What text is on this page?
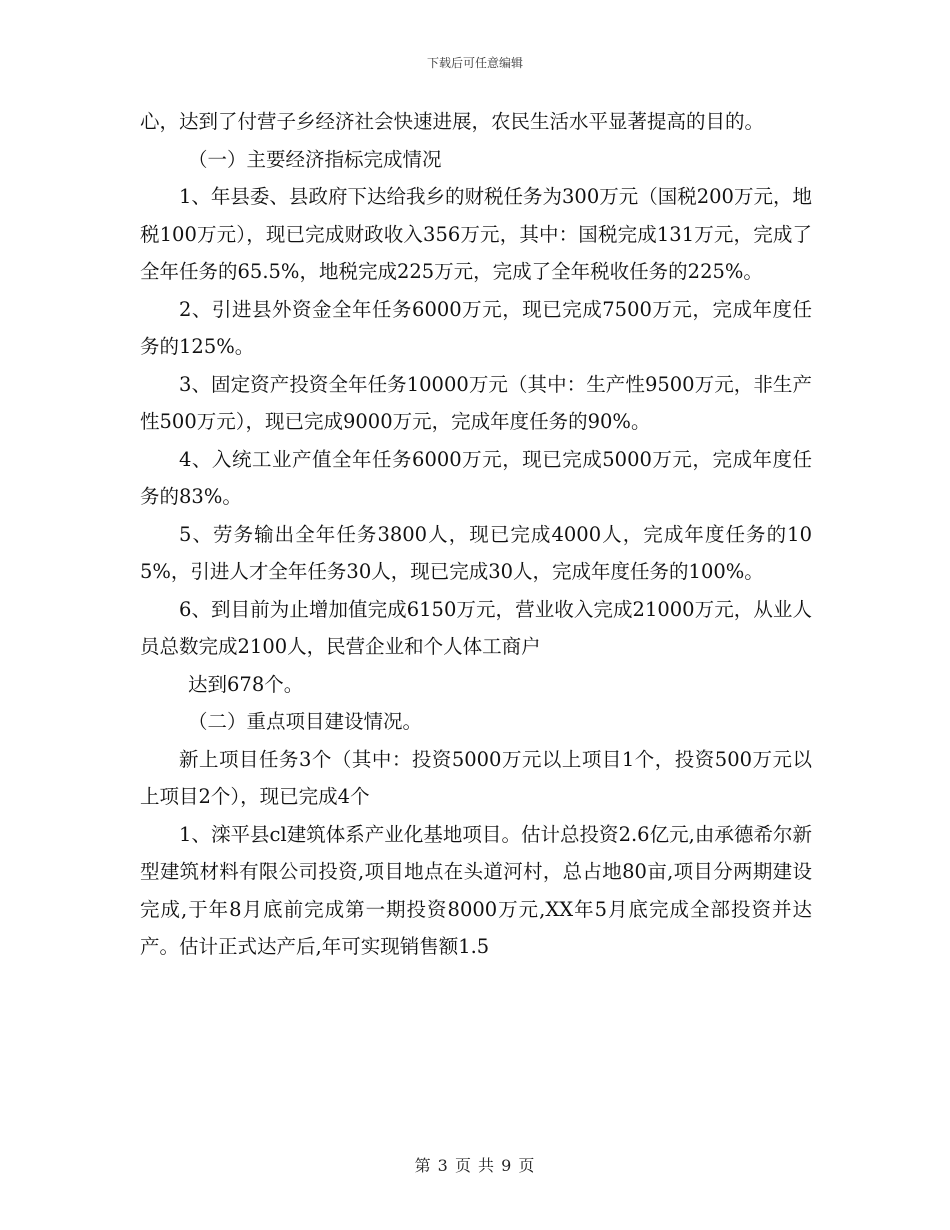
下载后可任意编辑

心，达到了付营子乡经济社会快速进展，农民生活水平显著提高的目的。

（一）主要经济指标完成情况

1、年县委、县政府下达给我乡的财税任务为300万元（国税200万元，地税100万元），现已完成财政收入356万元，其中：国税完成131万元，完成了全年任务的65.5%，地税完成225万元，完成了全年税收任务的225%。

2、引进县外资金全年任务6000万元，现已完成7500万元，完成年度任务的125%。

3、固定资产投资全年任务10000万元（其中：生产性9500万元，非生产性500万元），现已完成9000万元，完成年度任务的90%。

4、入统工业产值全年任务6000万元，现已完成5000万元，完成年度任务的83%。

5、劳务输出全年任务3800人，现已完成4000人，完成年度任务的105%，引进人才全年任务30人，现已完成30人，完成年度任务的100%。

6、到目前为止增加值完成6150万元，营业收入完成21000万元，从业人员总数完成2100人，民营企业和个人体工商户

达到678个。

（二）重点项目建设情况。

新上项目任务3个（其中：投资5000万元以上项目1个，投资500万元以上项目2个），现已完成4个

1、滦平县cl建筑体系产业化基地项目。估计总投资2.6亿元,由承德希尔新型建筑材料有限公司投资,项目地点在头道河村，总占地80亩,项目分两期建设完成,于年8月底前完成第一期投资8000万元,XX年5月底完成全部投资并达产。估计正式达产后,年可实现销售额1.5

第 3 页 共 9 页
